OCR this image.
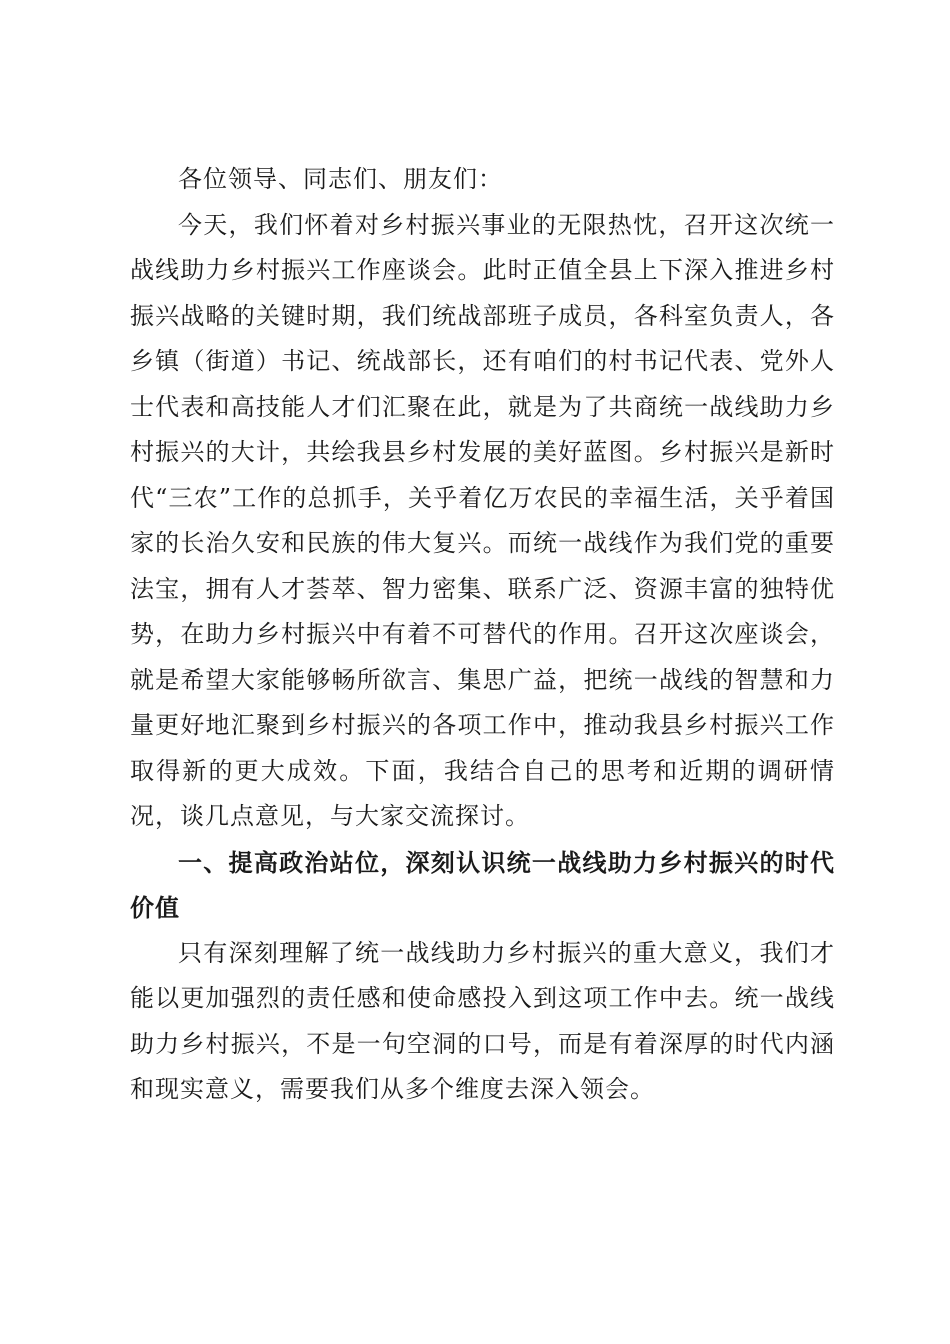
各位领导、同志们、朋友们：

今天，我们怀着对乡村振兴事业的无限热忱，召开这次统一战线助力乡村振兴工作座谈会。此时正值全县上下深入推进乡村振兴战略的关键时期，我们统战部班子成员，各科室负责人，各乡镇（街道）书记、统战部长，还有咱们的村书记代表、党外人士代表和高技能人才们汇聚在此，就是为了共商统一战线助力乡村振兴的大计，共绘我县乡村发展的美好蓝图。乡村振兴是新时代“三农”工作的总抓手，关乎着亿万农民的幸福生活，关乎着国家的长治久安和民族的伟大复兴。而统一战线作为我们党的重要法宝，拥有人才荟萃、智力密集、联系广泛、资源丰富的独特优势，在助力乡村振兴中有着不可替代的作用。召开这次座谈会，就是希望大家能够畅所欲言、集思广益，把统一战线的智慧和力量更好地汇聚到乡村振兴的各项工作中，推动我县乡村振兴工作取得新的更大成效。下面，我结合自己的思考和近期的调研情况，谈几点意见，与大家交流探讨。

一、提高政治站位，深刻认识统一战线助力乡村振兴的时代价值

只有深刻理解了统一战线助力乡村振兴的重大意义，我们才能以更加强烈的责任感和使命感投入到这项工作中去。统一战线助力乡村振兴，不是一句空洞的口号，而是有着深厚的时代内涵和现实意义，需要我们从多个维度去深入领会。
